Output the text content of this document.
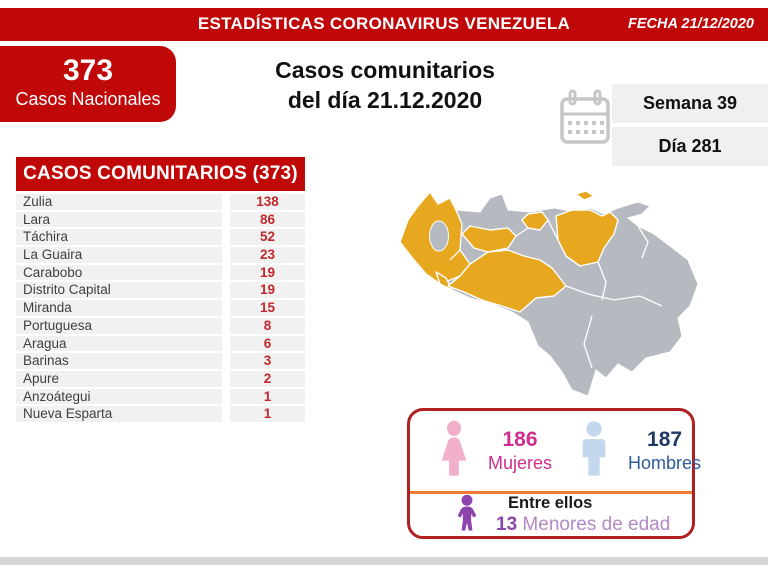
ESTADÍSTICAS CORONAVIRUS VENEZUELA	FECHA 21/12/2020
373
Casos Nacionales
Casos comunitarios
del día 21.12.2020	Semana 39
Día 281
CASOS COMUNITARIOS (373)
Zulia	138
Lara	86
Táchira	52
La Guaira	23
Carabobo	19
Distrito Capital	19
Miranda	15
Portuguesa	8
Aragua	6
Barinas	3
Apure	2
Anzoátegui	1
Nueva Esparta	1
186
Mujeres
187
Hombres
Entre ellos
13 Menores de edad
